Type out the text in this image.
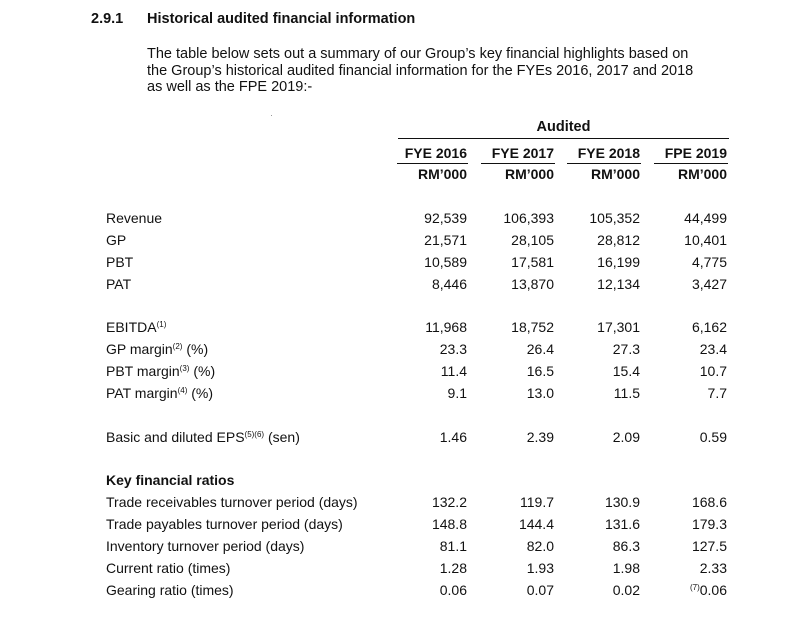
2.9.1 Historical audited financial information

The table below sets out a summary of our Group’s key financial highlights based on

the Group’s historical audited financial information for the FYEs 2016, 2017 and 2018

as well as the FPE 2019:-

Audited
FYE 2016	FYE 2017	FYE 2018	FPE 2019
RM’000	RM’000	RM’000	RM’000
Revenue	92,539	106,393	105,352	44,499
GP	21,571	28,105	28,812	10,401
PBT	10,589	17,581	16,199	4,775
PAT	8,446	13,870	12,134	3,427
EBITDA$^{(1)}$	11,968	18,752	17,301	6,162
GP margin$^{(2)}$ (%)	23.3	26.4	27.3	23.4
PBT margin$^{(3)}$ (%)	11.4	16.5	15.4	10.7
PAT margin$^{(4)}$ (%)	9.1	13.0	11.5	7.7
Basic and diluted $EPS^{(5)(6)}$ (sen)	1.46	2.39	2.09	0.59
Key financial ratios
Trade receivables turnover period (days)	132.2	119.7	130.9	168.6
Trade payables turnover period (days)	148.8	144.4	131.6	179.3
Inventory turnover period (days)	81.1	82.0	86.3	127.5
Current ratio (times)	1.28	1.93	1.98	2.33
Gearing ratio (times)	0.06	0.07	0.02	$^{(7)}$0.06
